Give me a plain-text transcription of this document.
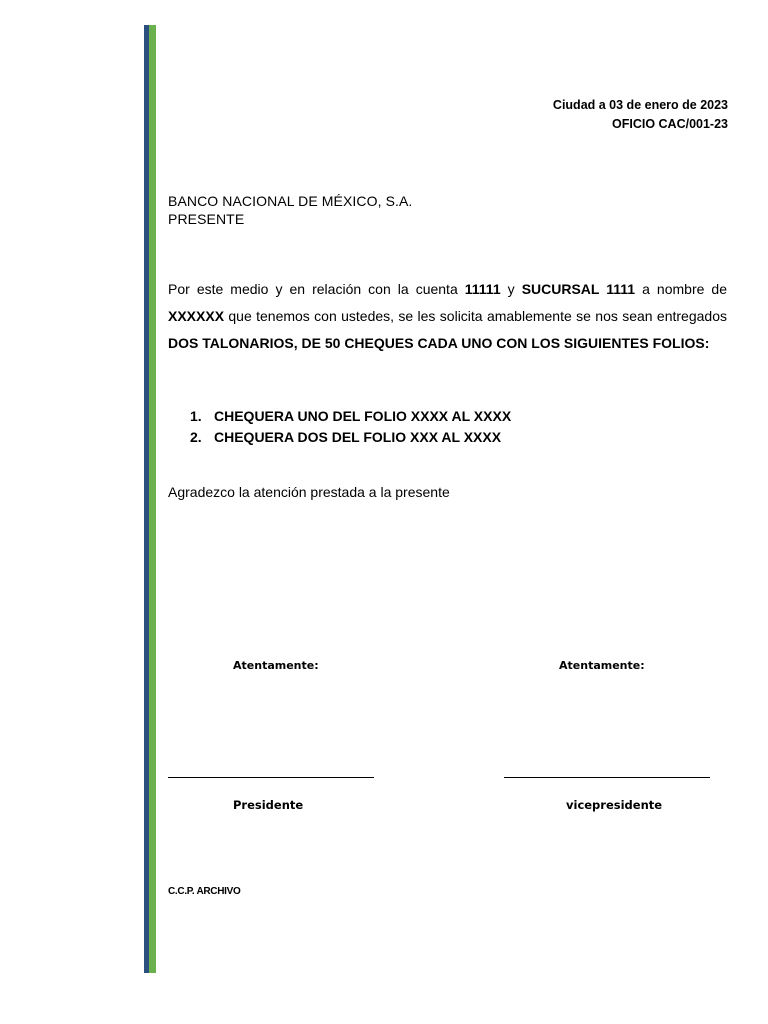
Ciudad a 03 de enero de 2023
OFICIO CAC/001-23
BANCO NACIONAL DE MÉXICO, S.A.
PRESENTE
Por este medio y en relación con la cuenta 11111 y SUCURSAL 1111 a nombre de XXXXXX que tenemos con ustedes, se les solicita amablemente se nos sean entregados DOS TALONARIOS, DE 50 CHEQUES CADA UNO CON LOS SIGUIENTES FOLIOS:
1. CHEQUERA UNO DEL FOLIO XXXX AL XXXX
2. CHEQUERA DOS DEL FOLIO XXX AL XXXX
Agradezco la atención prestada a la presente
Atentamente:	Atentamente:
Presidente	vicepresidente
C.C.P. ARCHIVO
